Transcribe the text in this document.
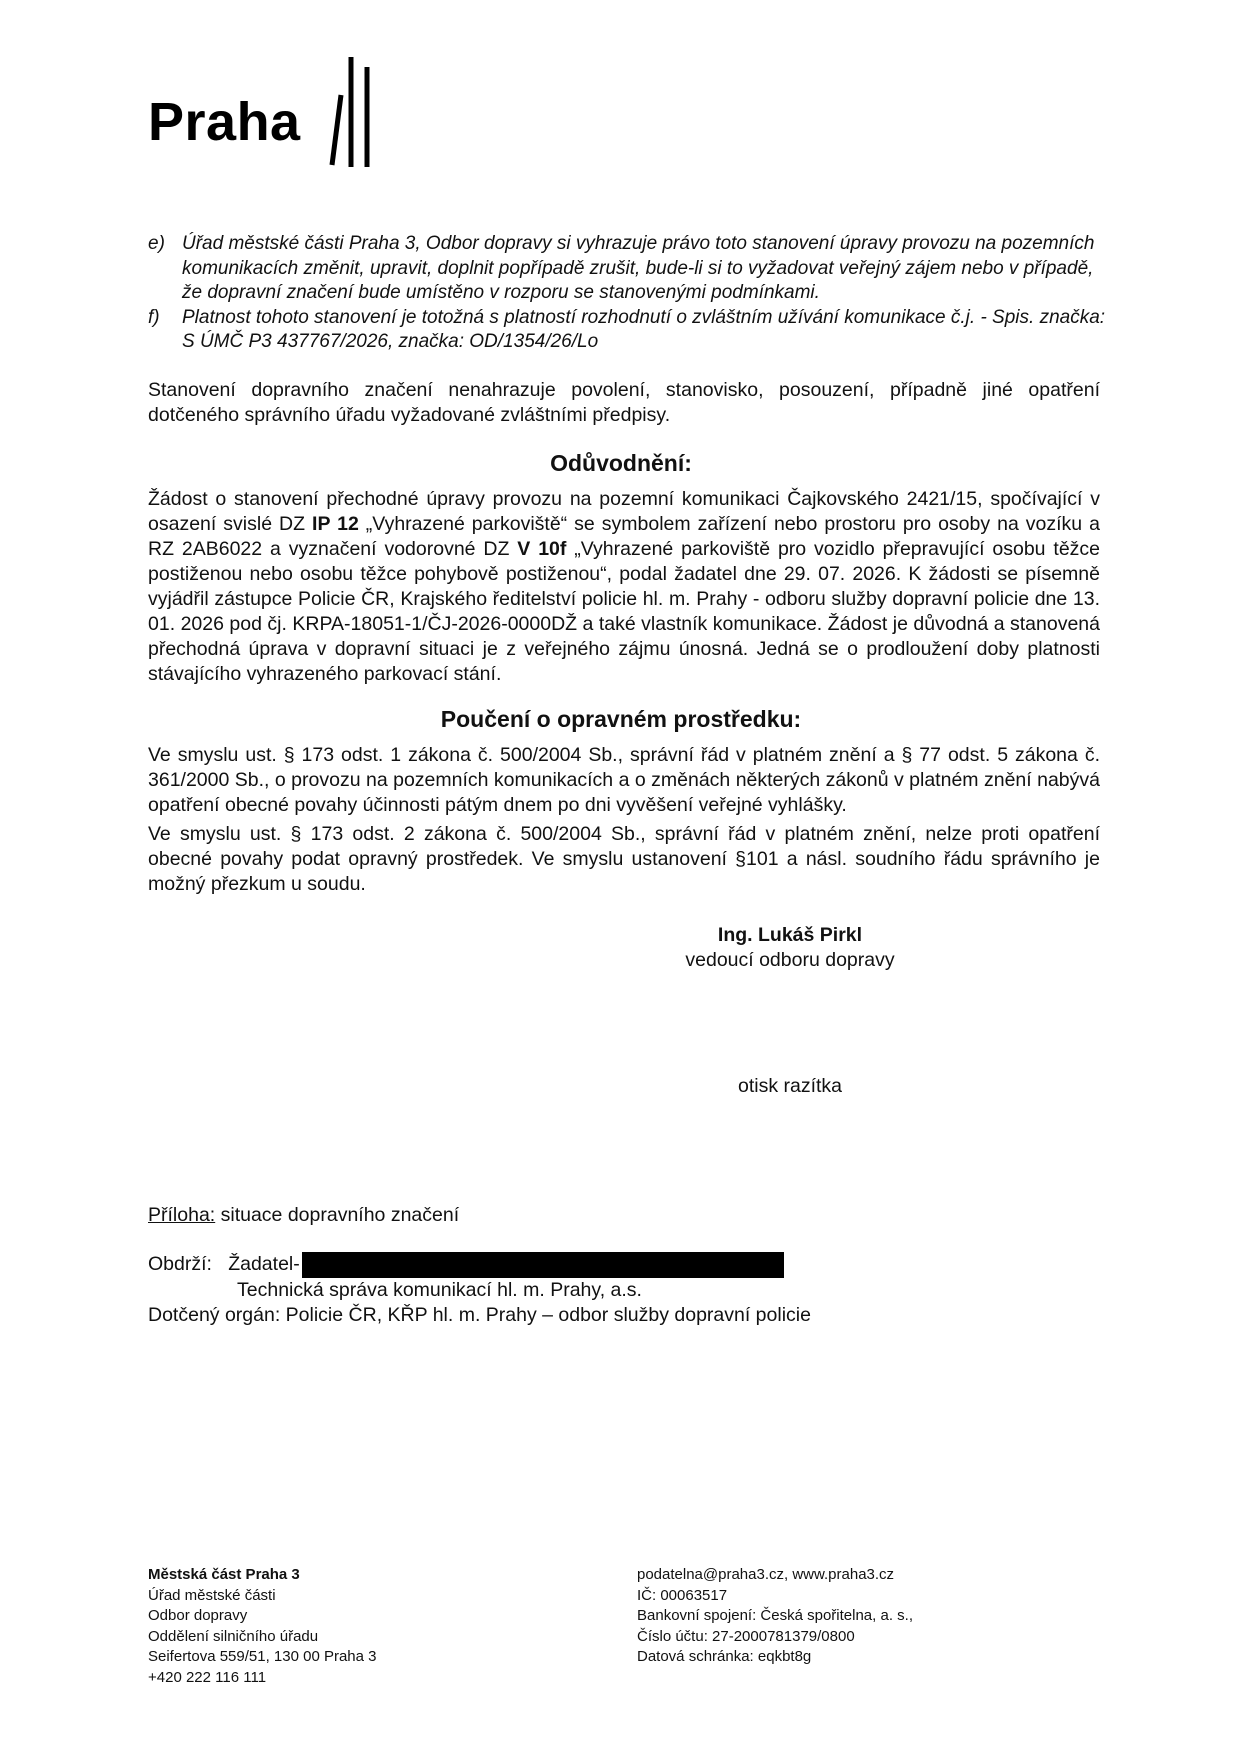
Praha
e) Úřad městské části Praha 3, Odbor dopravy si vyhrazuje právo toto stanovení úpravy provozu na pozemních komunikacích změnit, upravit, doplnit popřípadě zrušit, bude-li si to vyžadovat veřejný zájem nebo v případě, že dopravní značení bude umístěno v rozporu se stanovenými podmínkami.
f) Platnost tohoto stanovení je totožná s platností rozhodnutí o zvláštním užívání komunikace č.j. - Spis. značka: S ÚMČ P3 437767/2026, značka: OD/1354/26/Lo
Stanovení dopravního značení nenahrazuje povolení, stanovisko, posouzení, případně jiné opatření dotčeného správního úřadu vyžadované zvláštními předpisy.
Odůvodnění:
Žádost o stanovení přechodné úpravy provozu na pozemní komunikaci Čajkovského 2421/15, spočívající v osazení svislé DZ IP 12 „Vyhrazené parkoviště“ se symbolem zařízení nebo prostoru pro osoby na vozíku a RZ 2AB6022 a vyznačení vodorovné DZ V 10f „Vyhrazené parkoviště pro vozidlo přepravující osobu těžce postiženou nebo osobu těžce pohybově postiženou“, podal žadatel dne 29. 07. 2026. K žádosti se písemně vyjádřil zástupce Policie ČR, Krajského ředitelství policie hl. m. Prahy - odboru služby dopravní policie dne 13. 01. 2026 pod čj. KRPA-18051-1/ČJ-2026-0000DŽ a také vlastník komunikace. Žádost je důvodná a stanovená přechodná úprava v dopravní situaci je z veřejného zájmu únosná. Jedná se o prodloužení doby platnosti stávajícího vyhrazeného parkovací stání.
Poučení o opravném prostředku:
Ve smyslu ust. § 173 odst. 1 zákona č. 500/2004 Sb., správní řád v platném znění a § 77 odst. 5 zákona č. 361/2000 Sb., o provozu na pozemních komunikacích a o změnách některých zákonů v platném znění nabývá opatření obecné povahy účinnosti pátým dnem po dni vyvěšení veřejné vyhlášky.
Ve smyslu ust. § 173 odst. 2 zákona č. 500/2004 Sb., správní řád v platném znění, nelze proti opatření obecné povahy podat opravný prostředek. Ve smyslu ustanovení §101 a násl. soudního řádu správního je možný přezkum u soudu.
Ing. Lukáš Pirkl
vedoucí odboru dopravy
otisk razítka
Příloha: situace dopravního značení
Obdrží: Žadatel-
Technická správa komunikací hl. m. Prahy, a.s.
Dotčený orgán: Policie ČR, KŘP hl. m. Prahy – odbor služby dopravní policie
Městská část Praha 3
Úřad městské části
Odbor dopravy
Oddělení silničního úřadu
Seifertova 559/51, 130 00 Praha 3
+420 222 116 111
podatelna@praha3.cz, www.praha3.cz
IČ: 00063517
Bankovní spojení: Česká spořitelna, a. s.,
Číslo účtu: 27-2000781379/0800
Datová schránka: eqkbt8g
